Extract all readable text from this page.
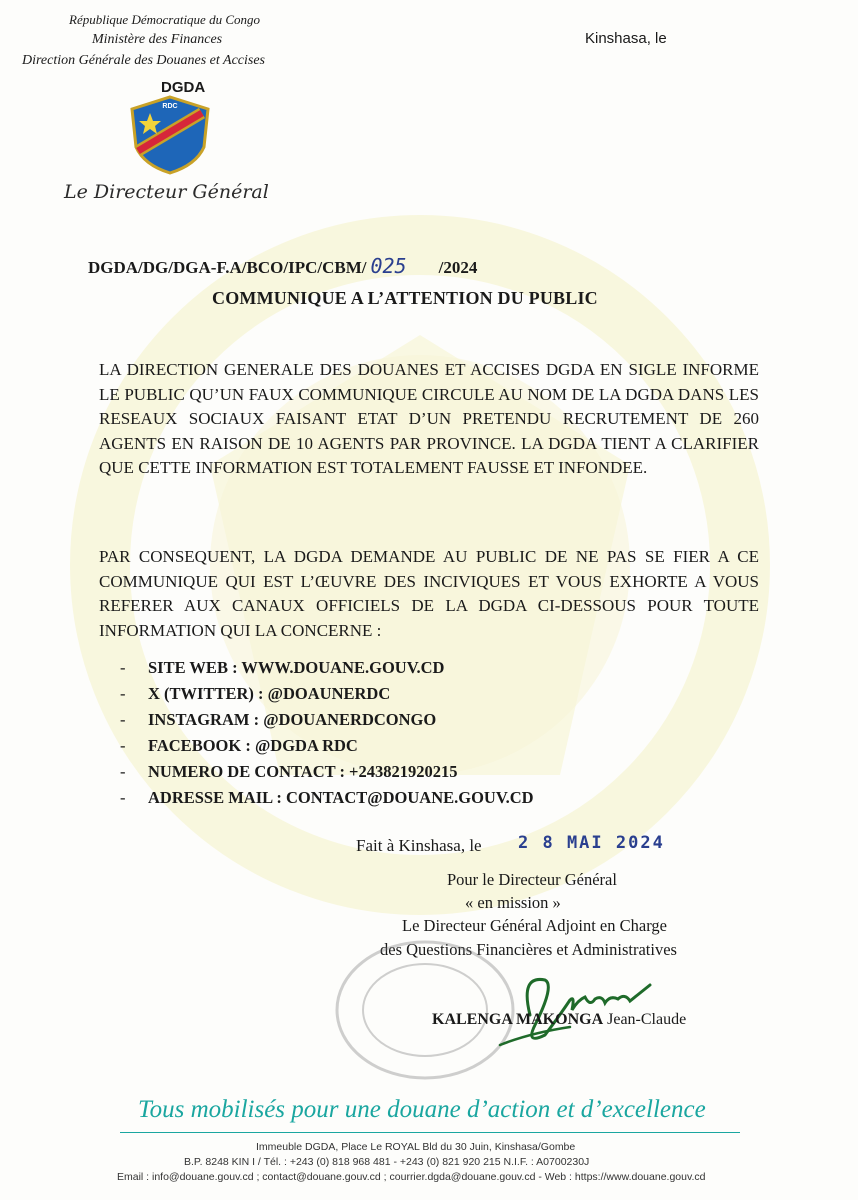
République Démocratique du Congo
Ministère des Finances
Direction Générale des Douanes et Accises
DGDA
RDC
Le Directeur Général
Kinshasa, le
DGDA/DG/DGA-F.A/BCO/IPC/CBM/ 025 /2024
COMMUNIQUE A L’ATTENTION DU PUBLIC
LA DIRECTION GENERALE DES DOUANES ET ACCISES DGDA EN SIGLE INFORME LE PUBLIC QU’UN FAUX COMMUNIQUE CIRCULE AU NOM DE LA DGDA DANS LES RESEAUX SOCIAUX FAISANT ETAT D’UN PRETENDU RECRUTEMENT DE 260 AGENTS EN RAISON DE 10 AGENTS PAR PROVINCE. LA DGDA TIENT A CLARIFIER QUE CETTE INFORMATION EST TOTALEMENT FAUSSE ET INFONDEE.
PAR CONSEQUENT, LA DGDA DEMANDE AU PUBLIC DE NE PAS SE FIER A CE COMMUNIQUE QUI EST L’ŒUVRE DES INCIVIQUES ET VOUS EXHORTE A VOUS REFERER AUX CANAUX OFFICIELS DE LA DGDA CI-DESSOUS POUR TOUTE INFORMATION QUI LA CONCERNE :
- SITE WEB : WWW.DOUANE.GOUV.CD
- X (TWITTER) : @DOAUNERDC
- INSTAGRAM : @DOUANERDCONGO
- FACEBOOK : @DGDA RDC
- NUMERO DE CONTACT : +243821920215
- ADRESSE MAIL : CONTACT@DOUANE.GOUV.CD
Fait à Kinshasa, le 2 8 MAI 2024
Pour le Directeur Général
« en mission »
Le Directeur Général Adjoint en Charge
des Questions Financières et Administratives
KALENGA MAKONGA Jean-Claude
Tous mobilisés pour une douane d’action et d’excellence
Immeuble DGDA, Place Le ROYAL Bld du 30 Juin, Kinshasa/Gombe
B.P. 8248 KIN I / Tél. : +243 (0) 818 968 481 - +243 (0) 821 920 215 N.I.F. : A0700230J
Email : info@douane.gouv.cd ; contact@douane.gouv.cd ; courrier.dgda@douane.gouv.cd - Web : https://www.douane.gouv.cd
